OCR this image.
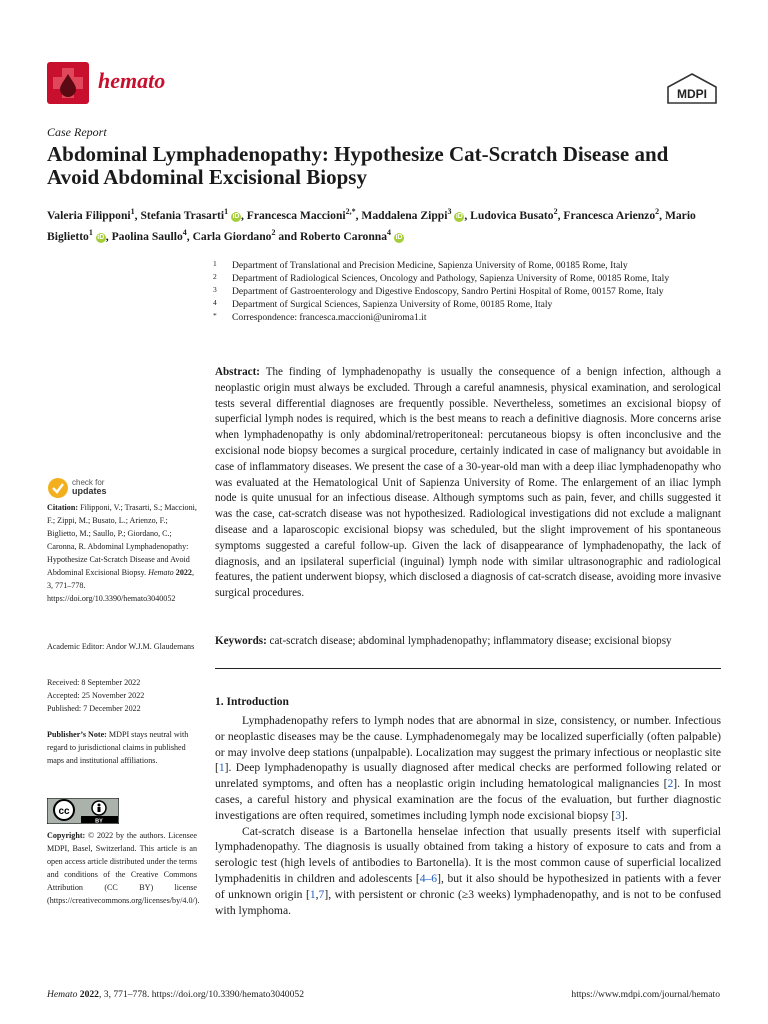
hemato
MDPI
Case Report
Abdominal Lymphadenopathy: Hypothesize Cat-Scratch Disease and Avoid Abdominal Excisional Biopsy
Valeria Filipponi$^1$, Stefania Trasarti$^1$ iD , Francesca Maccioni$^{2,*}$, Maddalena Zippi$^3$ iD , Ludovica Busato$^2$, Francesca Arienzo$^2$, Mario Biglietto$^1$ iD , Paolina Saullo$^4$, Carla Giordano$^2$ and Roberto Caronna$^4$ iD
1 Department of Translational and Precision Medicine, Sapienza University of Rome, 00185 Rome, Italy
2 Department of Radiological Sciences, Oncology and Pathology, Sapienza University of Rome, 00185 Rome, Italy
3 Department of Gastroenterology and Digestive Endoscopy, Sandro Pertini Hospital of Rome, 00157 Rome, Italy
4 Department of Surgical Sciences, Sapienza University of Rome, 00185 Rome, Italy
* Correspondence: francesca.maccioni@uniroma1.it
Abstract: The finding of lymphadenopathy is usually the consequence of a benign infection, although a neoplastic origin must always be excluded. Through a careful anamnesis, physical examination, and serological tests several differential diagnoses are frequently possible. Nevertheless, sometimes an excisional biopsy of superficial lymph nodes is required, which is the best means to reach a definitive diagnosis. More concerns arise when lymphadenopathy is only abdominal/retroperitoneal: percutaneous biopsy is often inconclusive and the excisional node biopsy becomes a surgical procedure, certainly indicated in case of malignancy but avoidable in case of inflammatory diseases. We present the case of a 30-year-old man with a deep iliac lymphadenopathy who was evaluated at the Hematological Unit of Sapienza University of Rome. The enlargement of an iliac lymph node is quite unusual for an infectious disease. Although symptoms such as pain, fever, and chills suggested it was the case, cat-scratch disease was not hypothesized. Radiological investigations did not exclude a malignant disease and a laparoscopic excisional biopsy was scheduled, but the slight improvement of his spontaneous symptoms suggested a careful follow-up. Given the lack of disappearance of lymphadenopathy, the lack of diagnosis, and an ipsilateral superficial (inguinal) lymph node with similar ultrasonographic and radiological features, the patient underwent biopsy, which disclosed a diagnosis of cat-scratch disease, avoiding more invasive surgical procedures.
Keywords: cat-scratch disease; abdominal lymphadenopathy; inflammatory disease; excisional biopsy
1. Introduction

Lymphadenopathy refers to lymph nodes that are abnormal in size, consistency, or number. Infectious or neoplastic diseases may be the cause. Lymphadenomegaly may be localized superficially (often palpable) or may involve deep stations (unpalpable). Localization may suggest the primary infectious or neoplastic site [1]. Deep lymphadenopathy is usually diagnosed after medical checks are performed following related or unrelated symptoms, and often has a neoplastic origin including hematological malignancies [2]. In most cases, a careful history and physical examination are the focus of the evaluation, but further diagnostic investigations are often required, sometimes including lymph node excisional biopsy [3].

Cat-scratch disease is a Bartonella henselae infection that usually presents itself with superficial lymphadenopathy. The diagnosis is usually obtained from taking a history of exposure to cats and from a serologic test (high levels of antibodies to Bartonella). It is the most common cause of superficial localized lymphadenitis in children and adolescents [4–6], but it also should be hypothesized in patients with a fever of unknown origin [1,7], with persistent or chronic (≥3 weeks) lymphadenopathy, and is not to be confused with lymphoma.

check for
updates
Citation: Filipponi, V.; Trasarti, S.; Maccioni, F.; Zippi, M.; Busato, L.; Arienzo, F.; Biglietto, M.; Saullo, P.; Giordano, C.; Caronna, R. Abdominal Lymphadenopathy: Hypothesize Cat-Scratch Disease and Avoid Abdominal Excisional Biopsy. Hemato 2022, 3, 771–778. https://doi.org/10.3390/hemato3040052
Academic Editor: Andor W.J.M. Glaudemans
Received: 8 September 2022
Accepted: 25 November 2022
Published: 7 December 2022
Publisher’s Note: MDPI stays neutral with regard to jurisdictional claims in published maps and institutional affiliations.
cc
BY
Copyright: © 2022 by the authors. Licensee MDPI, Basel, Switzerland. This article is an open access article distributed under the terms and conditions of the Creative Commons Attribution (CC BY) license (https://creativecommons.org/licenses/by/4.0/).
Hemato 2022, 3, 771–778. https://doi.org/10.3390/hemato3040052	https://www.mdpi.com/journal/hemato
